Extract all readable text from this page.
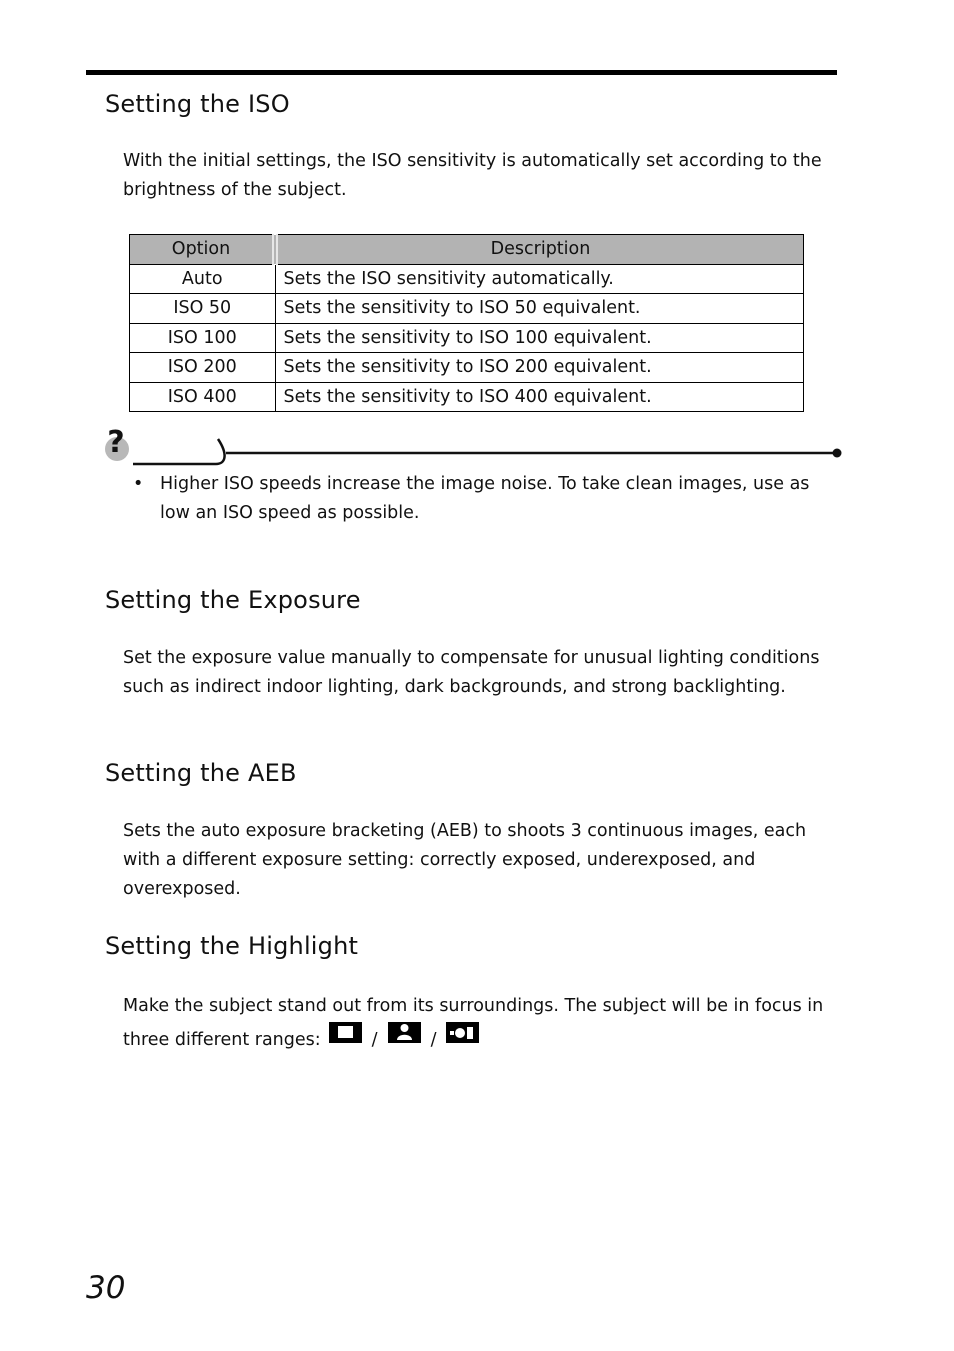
Setting the ISO

With the initial settings, the ISO sensitivity is automatically set according to the brightness of the subject.

Option	Description
Auto	Sets the ISO sensitivity automatically.
ISO 50	Sets the sensitivity to ISO 50 equivalent.
ISO 100	Sets the sensitivity to ISO 100 equivalent.
ISO 200	Sets the sensitivity to ISO 200 equivalent.
ISO 400	Sets the sensitivity to ISO 400 equivalent.
?
• Higher ISO speeds increase the image noise. To take clean images, use as low an ISO speed as possible.

Setting the Exposure

Set the exposure value manually to compensate for unusual lighting conditions such as indirect indoor lighting, dark backgrounds, and strong backlighting.

Setting the AEB

Sets the auto exposure bracketing (AEB) to shoots 3 continuous images, each with a different exposure setting: correctly exposed, underexposed, and overexposed.

Setting the Highlight

Make the subject stand out from its surroundings. The subject will be in focus in three different ranges:	/	/

30
